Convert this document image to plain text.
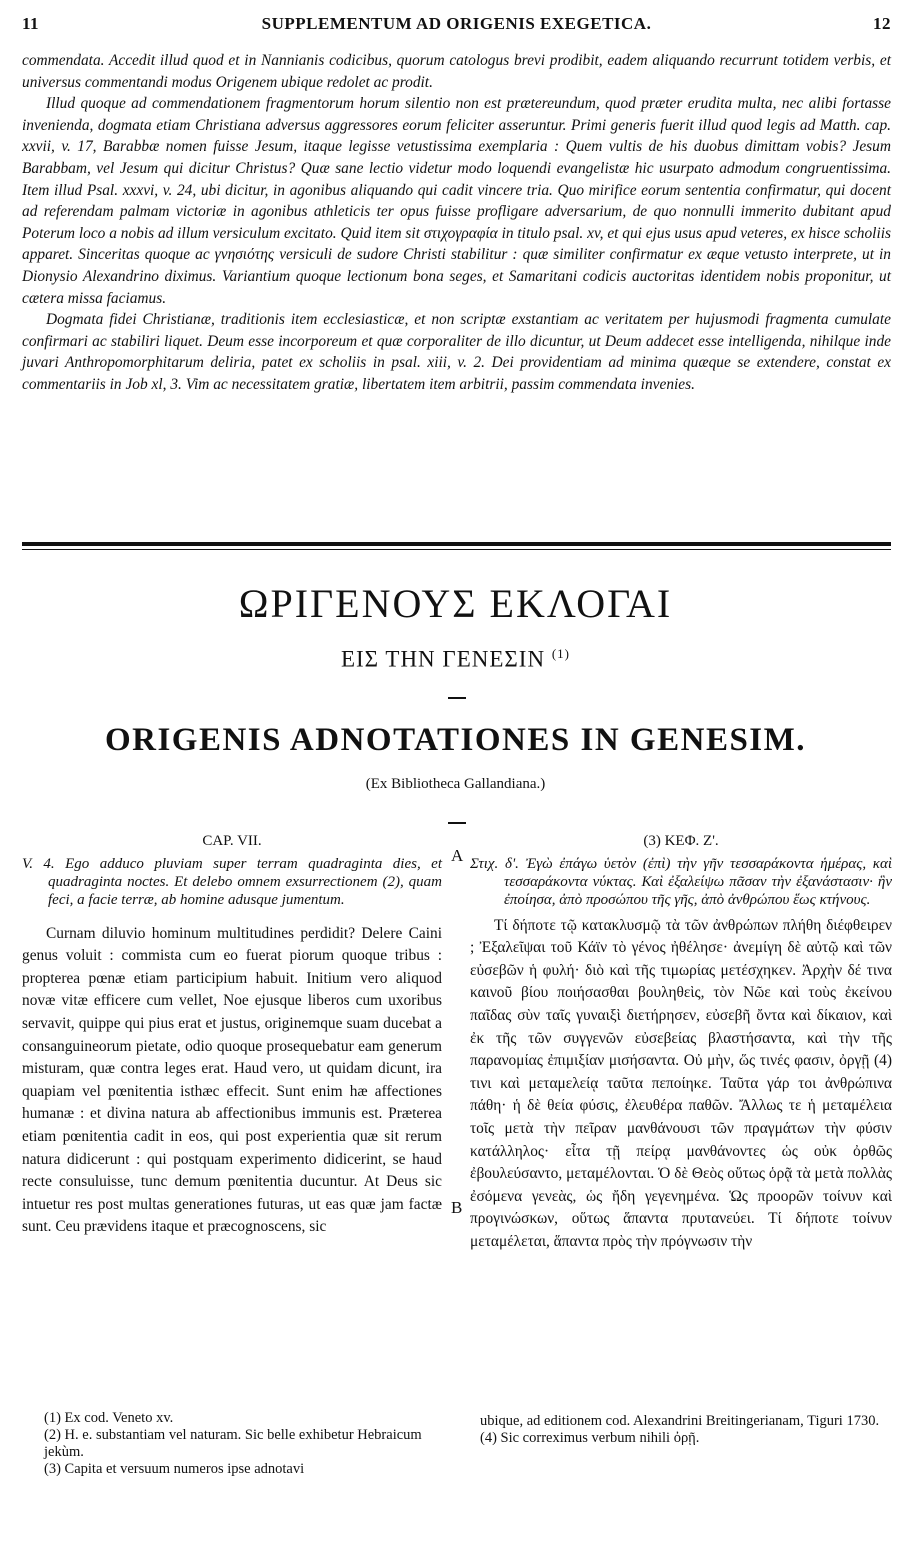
11	SUPPLEMENTUM AD ORIGENIS EXEGETICA.	12

commendata. Accedit illud quod et in Nannianis codicibus, quorum catologus brevi prodibit, eadem aliquando recurrunt totidem verbis, et universus commentandi modus Origenem ubique redolet ac prodit.

Illud quoque ad commendationem fragmentorum horum silentio non est prætereundum, quod præter erudita multa, nec alibi fortasse invenienda, dogmata etiam Christiana adversus aggressores eorum feliciter asseruntur. Primi generis fuerit illud quod legis ad Matth. cap. xxvii, v. 17, Barabbæ nomen fuisse Jesum, itaque legisse vetustissima exemplaria : Quem vultis de his duobus dimittam vobis? Jesum Barabbam, vel Jesum qui dicitur Christus? Quæ sane lectio videtur modo loquendi evangelistæ hic usurpato admodum congruentissima. Item illud Psal. xxxvi, v. 24, ubi dicitur, in agonibus aliquando qui cadit vincere tria. Quo mirifice eorum sententia confirmatur, qui docent ad referendam palmam victoriæ in agonibus athleticis ter opus fuisse profligare adversarium, de quo nonnulli immerito dubitant apud Poterum loco a nobis ad illum versiculum excitato. Quid item sit στιχογραφία in titulo psal. xv, et qui ejus usus apud veteres, ex hisce scholiis apparet. Sinceritas quoque ac γνησιότης versiculi de sudore Christi stabilitur : quæ similiter confirmatur ex æque vetusto interprete, ut in Dionysio Alexandrino diximus. Variantium quoque lectionum bona seges, et Samaritani codicis auctoritas identidem nobis proponitur, ut cætera missa faciamus.

Dogmata fidei Christianæ, traditionis item ecclesiasticæ, et non scriptæ exstantiam ac veritatem per hujusmodi fragmenta cumulate confirmari ac stabiliri liquet. Deum esse incorporeum et quæ corporaliter de illo dicuntur, ut Deum addecet esse intelligenda, nihilque inde juvari Anthropomorphitarum deliria, patet ex scholiis in psal. xiii, v. 2. Dei providentiam ad minima quæque se extendere, constat ex commentariis in Job xl, 3. Vim ac necessitatem gratiæ, libertatem item arbitrii, passim commendata invenies.

ΩΡΙΓΕΝΟΥΣ ΕΚΛΟΓΑΙ
ΕΙΣ ΤΗΝ ΓΕΝΕΣΙΝ $^{(1)}$
ORIGENIS ADNOTATIONES IN GENESIM.
(Ex Bibliotheca Gallandiana.)
CAP. VII.
V. 4. Ego adduco pluviam super terram quadraginta dies, et quadraginta noctes. Et delebo omnem exsurrectionem (2), quam feci, a facie terræ, ab homine adusque jumentum.

Curnam diluvio hominum multitudines perdidit? Delere Caini genus voluit : commista cum eo fuerat piorum quoque tribus : propterea pœnæ etiam participium habuit. Initium vero aliquod novæ vitæ efficere cum vellet, Noe ejusque liberos cum uxoribus servavit, quippe qui pius erat et justus, originemque suam ducebat a consanguineorum pietate, odio quoque prosequebatur eam generum misturam, quæ contra leges erat. Haud vero, ut quidam dicunt, ira quapiam vel pœnitentia isthæc effecit. Sunt enim hæ affectiones humanæ : et divina natura ab affectionibus immunis est. Præterea etiam pœnitentia cadit in eos, qui post experientia quæ sit rerum natura didicerunt : qui postquam experimento didicerint, se haud recte consuluisse, tunc demum pœnitentia ducuntur. At Deus sic intuetur res post multas generationes futuras, ut eas quæ jam factæ sunt. Ceu prævidens itaque et præcognoscens, sic

A
B
(3) ΚΕΦ. Ζ'.
Στιχ. δ'. Ἐγὼ ἐπάγω ὑετὸν (ἐπὶ) τὴν γῆν τεσσαράκοντα ἡμέρας, καὶ τεσσαράκοντα νύκτας. Καὶ ἐξαλείψω πᾶσαν τὴν ἐξανάστασιν· ἣν ἐποίησα, ἀπὸ προσώπου τῆς γῆς, ἀπὸ ἀνθρώπου ἕως κτήνους.

Τί δήποτε τῷ κατακλυσμῷ τὰ τῶν ἀνθρώπων πλήθη διέφθειρεν ; Ἐξαλεῖψαι τοῦ Κάϊν τὸ γένος ἠθέλησε· ἀνεμίγη δὲ αὐτῷ καὶ τῶν εὐσεβῶν ἡ φυλή· διὸ καὶ τῆς τιμωρίας μετέσχηκεν. Ἀρχὴν δέ τινα καινοῦ βίου ποιήσασθαι βουληθεὶς, τὸν Νῶε καὶ τοὺς ἐκείνου παῖδας σὺν ταῖς γυναιξὶ διετήρησεν, εὐσεβῆ ὄντα καὶ δίκαιον, καὶ ἐκ τῆς τῶν συγγενῶν εὐσεβείας βλαστήσαντα, καὶ τὴν τῆς παρανομίας ἐπιμιξίαν μισήσαντα. Οὐ μὴν, ὥς τινές φασιν, ὀργῇ (4) τινι καὶ μεταμελείᾳ ταῦτα πεποίηκε. Ταῦτα γάρ τοι ἀνθρώπινα πάθη· ἡ δὲ θεία φύσις, ἐλευθέρα παθῶν. Ἄλλως τε ἡ μεταμέλεια τοῖς μετὰ τὴν πεῖραν μανθάνουσι τῶν πραγμάτων τὴν φύσιν κατάλληλος· εἶτα τῇ πείρᾳ μανθάνοντες ὡς οὐκ ὀρθῶς ἐβουλεύσαντο, μεταμέλονται. Ὁ δὲ Θεὸς οὕτως ὁρᾷ τὰ μετὰ πολλὰς ἐσόμενα γενεὰς, ὡς ἤδη γεγενημένα. Ὡς προορῶν τοίνυν καὶ προγινώσκων, οὕτως ἅπαντα πρυτανεύει. Τί δήποτε τοίνυν μεταμέλεται, ἅπαντα πρὸς τὴν πρόγνωσιν τὴν

(1) Ex cod. Veneto xv.

(2) H. e. substantiam vel naturam. Sic belle exhibetur Hebraicum jekùm.

(3) Capita et versuum numeros ipse adnotavi

ubique, ad editionem cod. Alexandrini Breitingerianam, Tiguri 1730.

(4) Sic correximus verbum nihili ὀρῇ.
